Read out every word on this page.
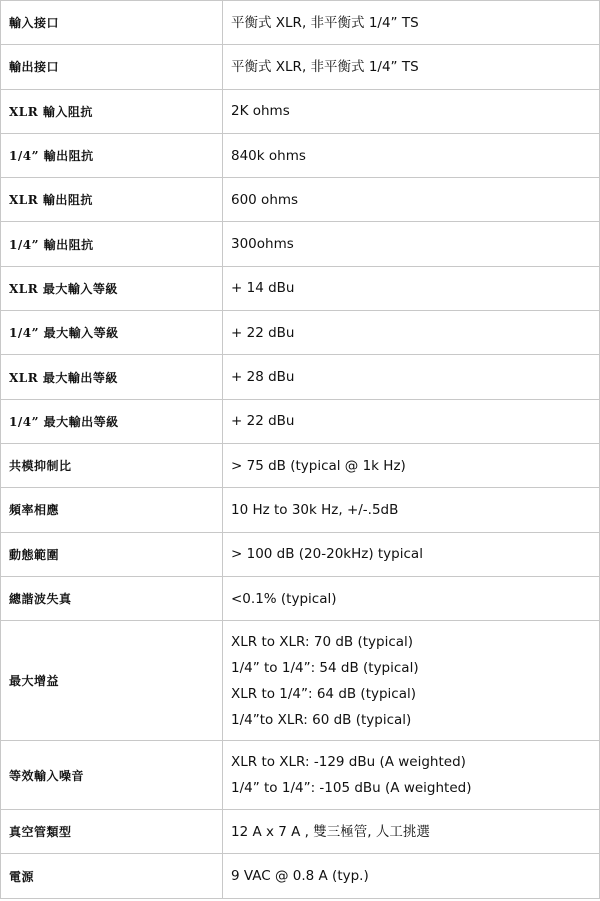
輸入接口	平衡式 XLR, 非平衡式 1/4” TS

輸出接口	平衡式 XLR, 非平衡式 1/4” TS

XLR 輸入阻抗	2K ohms

1/4” 輸出阻抗	840k ohms

XLR 輸出阻抗	600 ohms

1/4” 輸出阻抗	300ohms

XLR 最大輸入等級	+ 14 dBu

1/4” 最大輸入等級	+ 22 dBu

XLR 最大輸出等級	+ 28 dBu

1/4” 最大輸出等級	+ 22 dBu

共模抑制比	> 75 dB (typical @ 1k Hz)

頻率相應	10 Hz to 30k Hz, +/-.5dB

動態範圍	> 100 dB (20-20kHz) typical

總諧波失真	<0.1% (typical)

最大增益	XLR to XLR: 70 dB (typical)
1/4” to 1/4”: 54 dB (typical)
XLR to 1/4”: 64 dB (typical)
1/4”to XLR: 60 dB (typical)

等效輸入噪音	XLR to XLR: -129 dBu (A weighted)
1/4” to 1/4”: -105 dBu (A weighted)

真空管類型	12 A x 7 A , 雙三極管, 人工挑選

電源	9 VAC @ 0.8 A (typ.)
